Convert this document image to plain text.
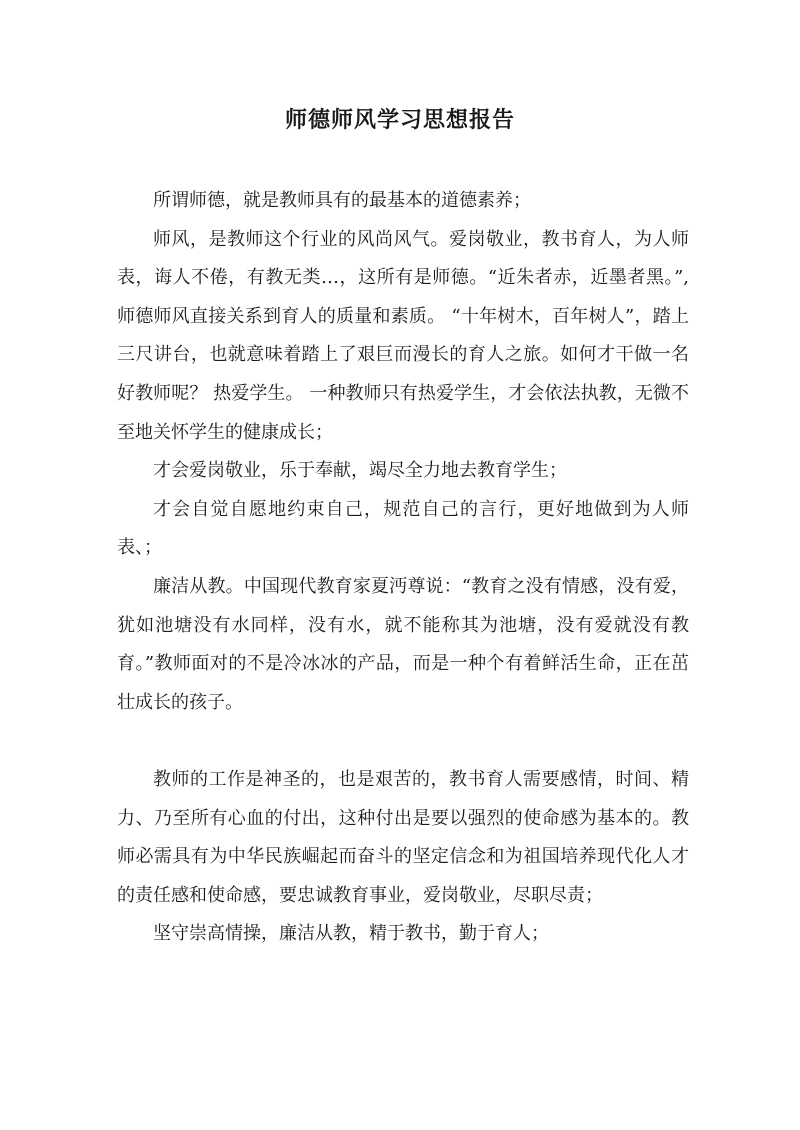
师德师风学习思想报告

所谓师德，就是教师具有的最基本的道德素养；

师风，是教师这个行业的风尚风气。爱岗敬业，教书育人，为人师表，诲人不倦，有教无类…，这所有是师德。“近朱者赤，近墨者黑。”,师德师风直接关系到育人的质量和素质。 “十年树木，百年树人”，踏上三尺讲台，也就意味着踏上了艰巨而漫长的育人之旅。如何才干做一名好教师呢？ 热爱学生。 一种教师只有热爱学生，才会依法执教，无微不至地关怀学生的健康成长；

才会爱岗敬业，乐于奉献，竭尽全力地去教育学生；

才会自觉自愿地约束自己，规范自己的言行，更好地做到为人师表、；

廉洁从教。中国现代教育家夏沔尊说：“教育之没有情感，没有爱，犹如池塘没有水同样，没有水，就不能称其为池塘，没有爱就没有教育。”教师面对的不是冷冰冰的产品，而是一种个有着鲜活生命，正在茁壮成长的孩子。

教师的工作是神圣的，也是艰苦的，教书育人需要感情，时间、精力、乃至所有心血的付出，这种付出是要以强烈的使命感为基本的。教师必需具有为中华民族崛起而奋斗的坚定信念和为祖国培养现代化人才的责任感和使命感，要忠诚教育事业，爱岗敬业，尽职尽责；

坚守崇高情操，廉洁从教，精于教书，勤于育人；
